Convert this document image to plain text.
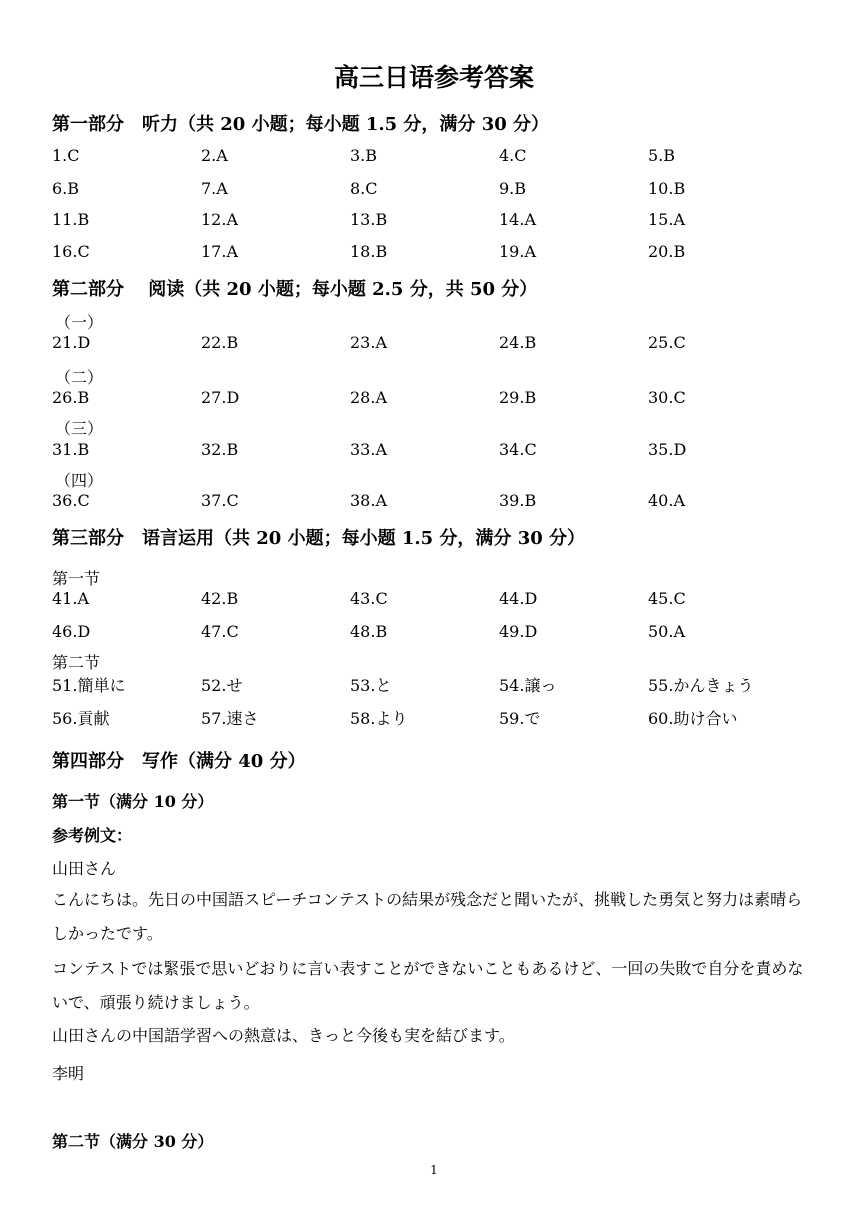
高三日语参考答案
第一部分　听力（共 20 小题；每小题 1.5 分，满分 30 分）
1.C	2.A	3.B	4.C	5.B
6.B	7.A	8.C	9.B	10.B
11.B	12.A	13.B	14.A	15.A
16.C	17.A	18.B	19.A	20.B
第二部分　 阅读（共 20 小题；每小题 2.5 分，共 50 分）
（一）
21.D	22.B	23.A	24.B	25.C
（二）
26.B	27.D	28.A	29.B	30.C
（三）
31.B	32.B	33.A	34.C	35.D
（四）
36.C	37.C	38.A	39.B	40.A
第三部分　语言运用（共 20 小题；每小题 1.5 分，满分 30 分）
第一节
41.A	42.B	43.C	44.D	45.C
46.D	47.C	48.B	49.D	50.A
第二节
51.簡単に	52.せ	53.と	54.譲っ	55.かんきょう
56.貢献	57.速さ	58.より	59.で	60.助け合い
第四部分　写作（满分 40 分）
第一节（满分 10 分）
参考例文：
山田さん
こんにちは。先日の中国語スピーチコンテストの結果が残念だと聞いたが、挑戦した勇気と努力は素晴らしかったです。
コンテストでは緊張で思いどおりに言い表すことができないこともあるけど、一回の失敗で自分を責めないで、頑張り続けましょう。
山田さんの中国語学習への熱意は、きっと今後も実を結びます。
李明
第二节（满分 30 分）
1
